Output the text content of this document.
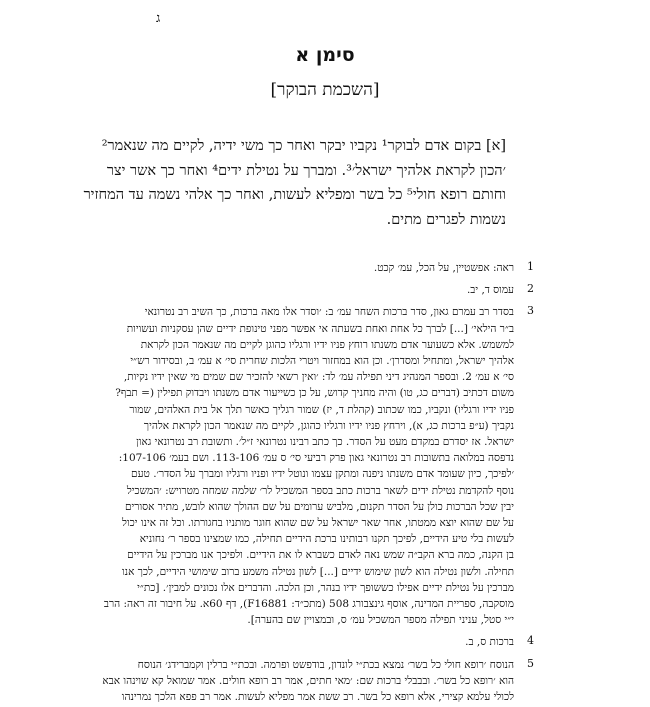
ג
סימן א
[השכמת הבוקר]
[א] בקום אדם לבוקר¹ נקביו יבקר ואחר כך משי ידיה, לקיים מה שנאמר²
׳הכון לקראת אלהיך ישראל׳³. ומברך על נטילת ידים⁴ ואחר כך אשר יצר
וחותם רופא חולי⁵ כל בשר ומפליא לעשות, ואחר כך אלהי נשמה עד המחזיר
נשמות לפגרים מתים.
1
ראה: אפשטיין, על הכל, עמ׳ קכט.
2
עמוס ד, יב.
3
בסדר רב עמרם גאון, סדר ברכות השחר עמ׳ ב: ׳וסדר אלו מאה ברכות, כך השיב רב נטרונאי
ב״ר הילאי׳ [...] לברך כל אחת ואחת בשעתה אי אפשר מפני טינופת ידיים שהן עסקניות ועשויות
למשמש. אלא כשעוער אדם משנתו רוחץ פניו ידיו ורגליו כהוגן לקיים מה שנאמר הכון לקראת
אלהיך ישראל, ומתחיל ומסדרן׳. וכן הוא במחזור ויטרי הלכות שחרית סי׳ א עמ׳ ב, ובסידור רש״י
סי׳ א עמ׳ 2. ובספר המנהיג דיני תפילה עמ׳ לד: ׳ואין רשאי להזכיר שם שמים מי שאין ידיו נקיות,
משום דכתיב (דברים כג, טו) והיה מחניך קדוש, על כן כשייעור אדם משנתו ויבדוק תפילין (= תבף?
פניו ידיו ורגליו) ונקביו, כמו שכתוב (קהלת ד, יז) שמור רגליך כאשר תלך אל בית האלהים, שמור
נקביך (ע״פ ברכות כג, א), וירחץ פניו ידיו ורגליו כהוגן, לקיים מה שנאמר הכון לקראת אלהיך
ישראל. אז יסדרם במקדם מעט על הסדר. כך כתב רבינו נטרונאי ז״ל׳. ותשובת רב נטרונאי גאון
נדפסה במלואה בתשובות רב נטרונאי גאון פרק רביעי סי׳ ס עמ׳ 113-106. ושם בעמ׳ 107-106:
׳לפיכך, כיון שעומד אדם משנתו ניפנה ומתקן עצמו ונוטל ידיו ופניו ורגליו ומברך על הסדר׳. טעם
נוסף להקדמת נטילת ידים לשאר ברכות כתב בספר המשכיל לר׳ שלמה שמחה מטרויש: ׳המשכיל
יבין שכל הברכות כולן על הסדר תקנום, מלביש ערומים על שם ההולך שהוא לובש, מתיר אסורים
על שם שהוא יוצא ממטתו, אחר שאר ישראל על שם שהוא חוגר מותניו בחגורתו. וכל זה אינו יכול
לעשות בלי טיע הידיים, לפיכך תקנו רבותינו ברכת הידיים תחילה, כמו שמצינו בספר ר׳ נחוניא
בן הקנה, כמה ברא הקב״ה שמש נאה לאדם כשברא לו את הידיים. ולפיכך אנו מברכין על הידיים
תחילה. ולשון נטילה הוא לשון שימוש ידיים [...] לשון נטילה משמע ברוב שימושי הידיים, לכך אנו
מברכין על נטילת ידיים אפילו כששופך ידיו בנהר, וכן הלכה. והדברים אלו נכונים למבין׳. [כת״י
מוסקבה, ספריית המדינה, אוסף גינצבורג 508 (מתכ״ד: F16881), דף 60א. על חיבור זה ראה: הרב
י״י סטל, עניני תפילה מספר המשכיל עמ׳ ס, ובמצויין שם בהערה].
4
ברכות ס, ב.
5
הנוסח ׳רופא חולי כל בשר׳ נמצא בכת״י לונדון, בודפשט ופרמה. ובכת״י ברלין וקמברידג׳ הנוסח
הוא ׳רופא כל בשר׳. ובבבלי ברכות שם: ׳מאי חתים, אמר רב רופא חולים. אמר שמואל קא שוינהו אבא
לכולי עלמא קצירי, אלא רופא כל בשר. רב ששת אמר מפליא לעשות. אמר רב פפא הלכך נמרינהו
